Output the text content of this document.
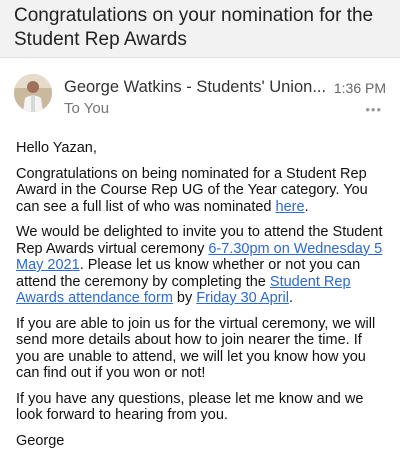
Congratulations on your nomination for the Student Rep Awards
George Watkins - Students' Union...
To You
1:36 PM
•••

Hello Yazan,

Congratulations on being nominated for a Student Rep Award in the Course Rep UG of the Year category. You can see a full list of who was nominated here.

We would be delighted to invite you to attend the Student Rep Awards virtual ceremony 6-7.30pm on Wednesday 5 May 2021. Please let us know whether or not you can attend the ceremony by completing the Student Rep Awards attendance form by Friday 30 April.

If you are able to join us for the virtual ceremony, we will send more details about how to join nearer the time. If you are unable to attend, we will let you know how you can find out if you won or not!

If you have any questions, please let me know and we look forward to hearing from you.

George
